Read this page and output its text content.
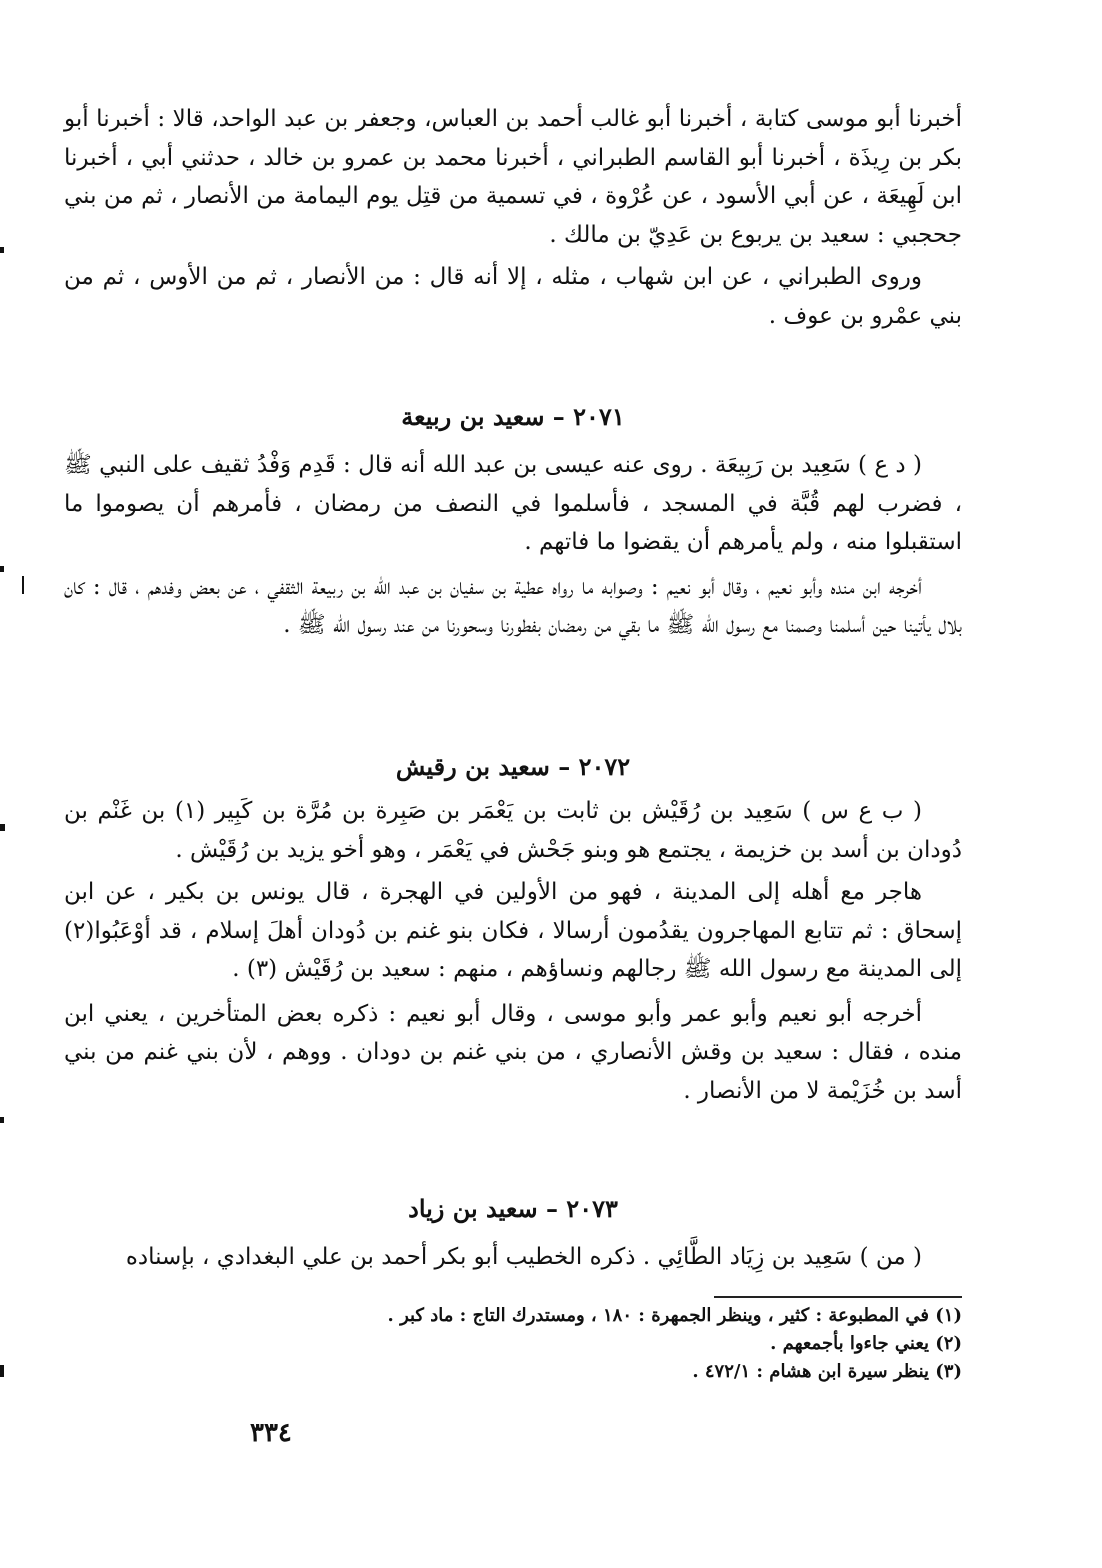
أخبرنا أبو موسى كتابة ، أخبرنا أبو غالب أحمد بن العباس، وجعفر بن عبد الواحد، قالا : أخبرنا أبو بكر بن رِيذَة ، أخبرنا أبو القاسم الطبراني ، أخبرنا محمد بن عمرو بن خالد ، حدثني أبي ، أخبرنا ابن لَهِيعَة ، عن أبي الأسود ، عن عُرْوة ، في تسمية من قتِل يوم اليمامة من الأنصار ، ثم من بني جحجبي : سعيد بن يربوع بن عَدِيّ بن مالك .

وروى الطبراني ، عن ابن شهاب ، مثله ، إلا أنه قال : من الأنصار ، ثم من الأوس ، ثم من بني عمْرو بن عوف .

٢٠٧١ – سعيد بن ربيعة

( د ع ) سَعِيد بن رَبِيعَة . روى عنه عيسى بن عبد الله أنه قال : قَدِم وَفْدُ ثقيف على النبي ﷺ ، فضرب لهم قُبَّة في المسجد ، فأسلموا في النصف من رمضان ، فأمرهم أن يصوموا ما استقبلوا منه ، ولم يأمرهم أن يقضوا ما فاتهم .

أخرجه ابن منده وأبو نعيم ، وقال أبو نعيم : وصوابه ما رواه عطية بن سفيان بن عبد الله بن ربيعة الثقفي ، عن بعض وفدهم ، قال : كان بلال يأتينا حين أسلمنا وصمنا مع رسول الله ﷺ ما بقي من رمضان بفطورنا وسحورنا من عند رسول الله ﷺ .

٢٠٧٢ – سعيد بن رقيش

( ب ع س ) سَعِيد بن رُقَيْش بن ثابت بن يَعْمَر بن صَبِرة بن مُرَّة بن كَبِير (١) بن غَنْم بن دُودان بن أسد بن خزيمة ، يجتمع هو وبنو جَحْش في يَعْمَر ، وهو أخو يزيد بن رُقَيْش .

هاجر مع أهله إلى المدينة ، فهو من الأولين في الهجرة ، قال يونس بن بكير ، عن ابن إسحاق : ثم تتابع المهاجرون يقدُمون أرسالا ، فكان بنو غنم بن دُودان أهلَ إسلام ، قد أوْعَبُوا(٢) إلى المدينة مع رسول الله ﷺ رجالهم ونساؤهم ، منهم : سعيد بن رُقَيْش (٣) .

أخرجه أبو نعيم وأبو عمر وأبو موسى ، وقال أبو نعيم : ذكره بعض المتأخرين ، يعني ابن منده ، فقال : سعيد بن وقش الأنصاري ، من بني غنم بن دودان . ووهم ، لأن بني غنم من بني أسد بن خُزَيْمة لا من الأنصار .

٢٠٧٣ – سعيد بن زياد

( من ) سَعِيد بن زِيَاد الطَّائِي . ذكره الخطيب أبو بكر أحمد بن علي البغدادي ، بإسناده

(١) في المطبوعة : كثير ، وينظر الجمهرة : ١٨٠ ، ومستدرك التاج : ماد كبر .

(٢) يعني جاءوا بأجمعهم .

(٣) ينظر سيرة ابن هشام : ٤٧٢/١ .

٣٣٤
